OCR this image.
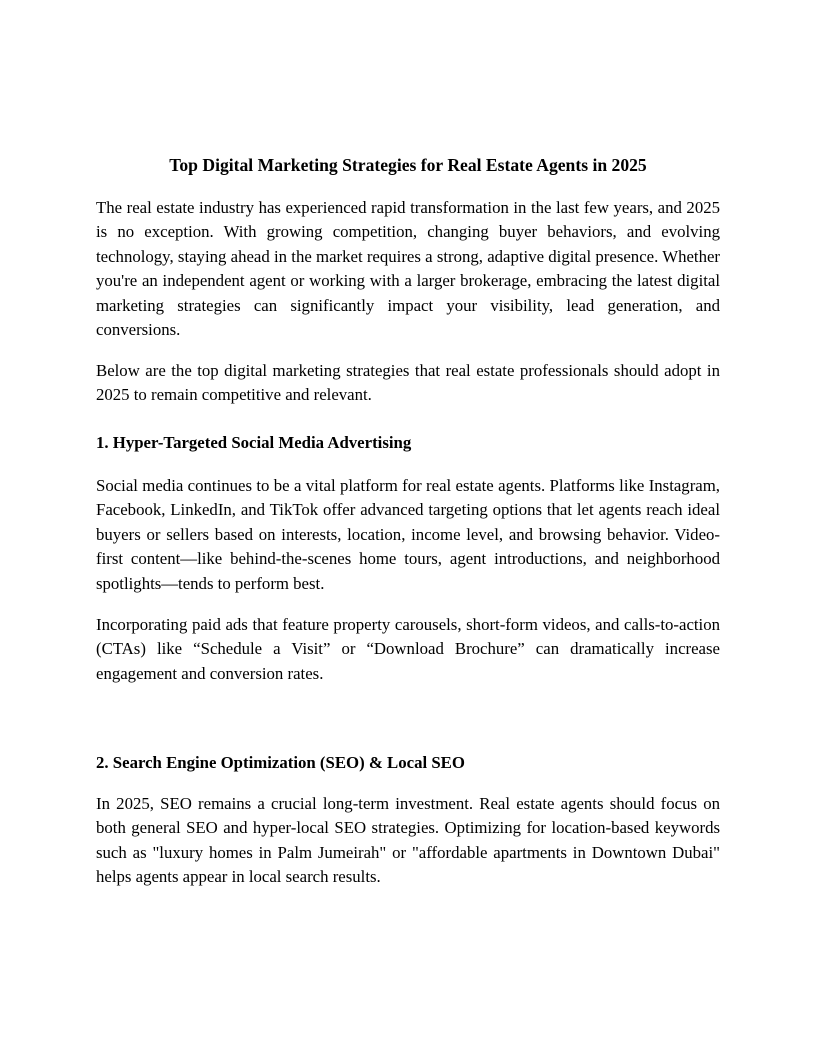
Top Digital Marketing Strategies for Real Estate Agents in 2025

The real estate industry has experienced rapid transformation in the last few years, and 2025 is no exception. With growing competition, changing buyer behaviors, and evolving technology, staying ahead in the market requires a strong, adaptive digital presence. Whether you're an independent agent or working with a larger brokerage, embracing the latest digital marketing strategies can significantly impact your visibility, lead generation, and conversions.

Below are the top digital marketing strategies that real estate professionals should adopt in 2025 to remain competitive and relevant.

1. Hyper-Targeted Social Media Advertising

Social media continues to be a vital platform for real estate agents. Platforms like Instagram, Facebook, LinkedIn, and TikTok offer advanced targeting options that let agents reach ideal buyers or sellers based on interests, location, income level, and browsing behavior. Video-first content—like behind-the-scenes home tours, agent introductions, and neighborhood spotlights—tends to perform best.

Incorporating paid ads that feature property carousels, short-form videos, and calls-to-action (CTAs) like “Schedule a Visit” or “Download Brochure” can dramatically increase engagement and conversion rates.

2. Search Engine Optimization (SEO) & Local SEO

In 2025, SEO remains a crucial long-term investment. Real estate agents should focus on both general SEO and hyper-local SEO strategies. Optimizing for location-based keywords such as "luxury homes in Palm Jumeirah" or "affordable apartments in Downtown Dubai" helps agents appear in local search results.
